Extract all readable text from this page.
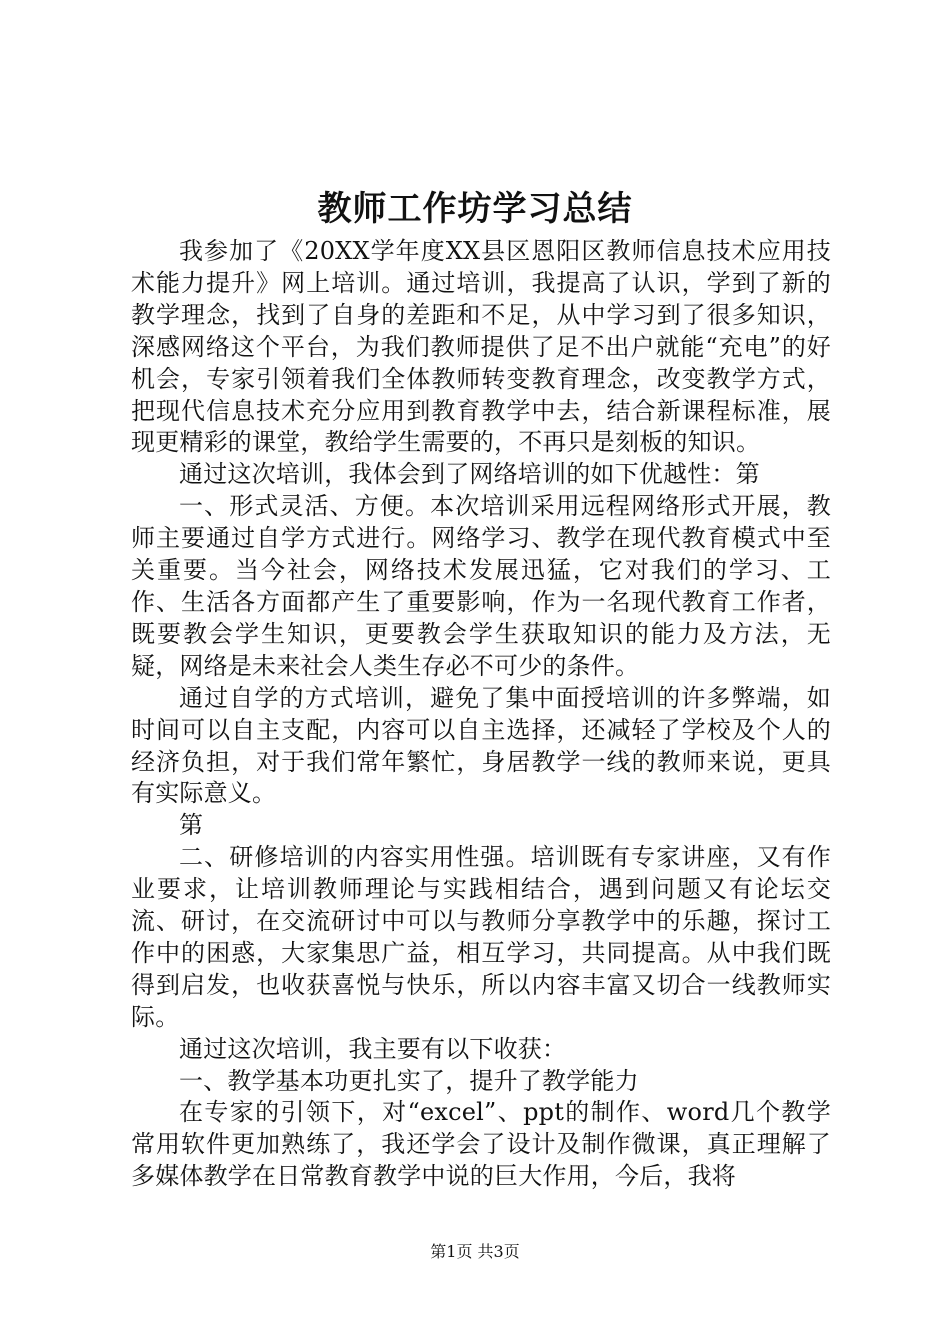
教师工作坊学习总结

我参加了《20XX学年度XX县区恩阳区教师信息技术应用技术能力提升》网上培训。通过培训，我提高了认识，学到了新的教学理念，找到了自身的差距和不足，从中学习到了很多知识，深感网络这个平台，为我们教师提供了足不出户就能“充电”的好机会，专家引领着我们全体教师转变教育理念，改变教学方式，把现代信息技术充分应用到教育教学中去，结合新课程标准，展现更精彩的课堂，教给学生需要的，不再只是刻板的知识。

通过这次培训，我体会到了网络培训的如下优越性：第

一、形式灵活、方便。本次培训采用远程网络形式开展，教师主要通过自学方式进行。网络学习、教学在现代教育模式中至关重要。当今社会，网络技术发展迅猛，它对我们的学习、工作、生活各方面都产生了重要影响，作为一名现代教育工作者，既要教会学生知识，更要教会学生获取知识的能力及方法，无疑，网络是未来社会人类生存必不可少的条件。

通过自学的方式培训，避免了集中面授培训的许多弊端，如时间可以自主支配，内容可以自主选择，还减轻了学校及个人的经济负担，对于我们常年繁忙，身居教学一线的教师来说，更具有实际意义。

第

二、研修培训的内容实用性强。培训既有专家讲座，又有作业要求，让培训教师理论与实践相结合，遇到问题又有论坛交流、研讨，在交流研讨中可以与教师分享教学中的乐趣，探讨工作中的困惑，大家集思广益，相互学习，共同提高。从中我们既得到启发，也收获喜悦与快乐，所以内容丰富又切合一线教师实际。

通过这次培训，我主要有以下收获：

一、教学基本功更扎实了，提升了教学能力

在专家的引领下，对“excel”、ppt的制作、word几个教学常用软件更加熟练了，我还学会了设计及制作微课，真正理解了多媒体教学在日常教育教学中说的巨大作用，今后，我将

第1页 共3页
